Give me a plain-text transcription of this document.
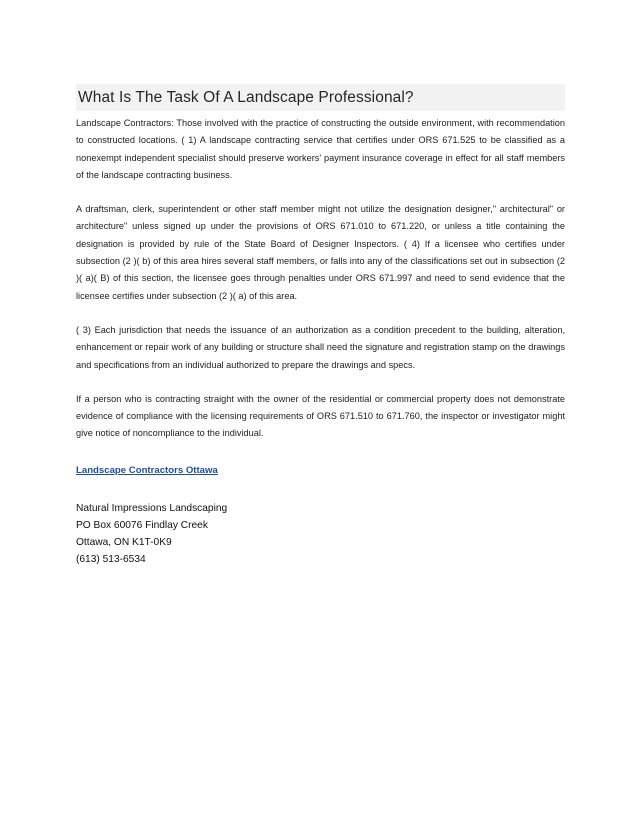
What Is The Task Of A Landscape Professional?

Landscape Contractors: Those involved with the practice of constructing the outside environment, with recommendation to constructed locations. ( 1) A landscape contracting service that certifies under ORS 671.525 to be classified as a nonexempt independent specialist should preserve workers' payment insurance coverage in effect for all staff members of the landscape contracting business.

A draftsman, clerk, superintendent or other staff member might not utilize the designation designer," architectural" or architecture" unless signed up under the provisions of ORS 671.010 to 671.220, or unless a title containing the designation is provided by rule of the State Board of Designer Inspectors. ( 4) If a licensee who certifies under subsection (2 )( b) of this area hires several staff members, or falls into any of the classifications set out in subsection (2 )( a)( B) of this section, the licensee goes through penalties under ORS 671.997 and need to send evidence that the licensee certifies under subsection (2 )( a) of this area.

( 3) Each jurisdiction that needs the issuance of an authorization as a condition precedent to the building, alteration, enhancement or repair work of any building or structure shall need the signature and registration stamp on the drawings and specifications from an individual authorized to prepare the drawings and specs.

If a person who is contracting straight with the owner of the residential or commercial property does not demonstrate evidence of compliance with the licensing requirements of ORS 671.510 to 671.760, the inspector or investigator might give notice of noncompliance to the individual.

Landscape Contractors Ottawa
Natural Impressions Landscaping
PO Box 60076 Findlay Creek
Ottawa, ON K1T-0K9
(613) 513-6534
